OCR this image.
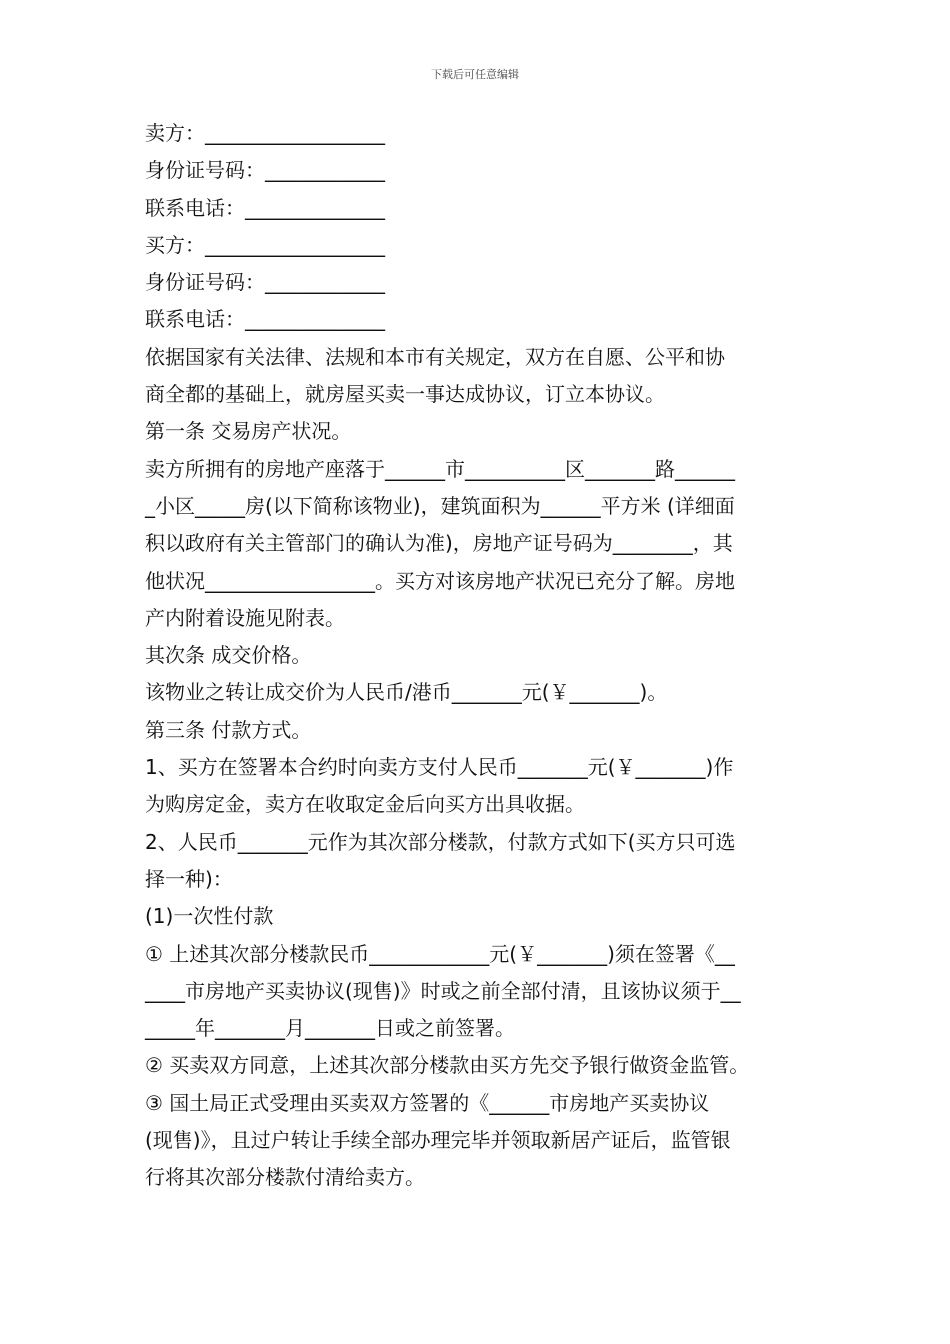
下载后可任意编辑
卖方：__________________
身份证号码：____________
联系电话：______________
买方：__________________
身份证号码：____________
联系电话：______________
依据国家有关法律、法规和本市有关规定，双方在自愿、公平和协
商全都的基础上，就房屋买卖一事达成协议，订立本协议。
第一条 交易房产状况。
卖方所拥有的房地产座落于______市__________区_______路______
_小区_____房(以下简称该物业)，建筑面积为______平方米 (详细面
积以政府有关主管部门的确认为准)，房地产证号码为________，其
他状况_________________。买方对该房地产状况已充分了解。房地
产内附着设施见附表。
其次条 成交价格。
该物业之转让成交价为人民币/港币_______元(￥_______)。
第三条 付款方式。
1、买方在签署本合约时向卖方支付人民币_______元(￥_______)作
为购房定金，卖方在收取定金后向买方出具收据。
2、人民币_______元作为其次部分楼款，付款方式如下(买方只可选
择一种)：
(1)一次性付款
① 上述其次部分楼款民币____________元(￥_______)须在签署《__
____市房地产买卖协议(现售)》时或之前全部付清，且该协议须于__
_____年_______月_______日或之前签署。
② 买卖双方同意，上述其次部分楼款由买方先交予银行做资金监管。
③ 国土局正式受理由买卖双方签署的《______市房地产买卖协议
(现售)》，且过户转让手续全部办理完毕并领取新居产证后，监管银
行将其次部分楼款付清给卖方。
